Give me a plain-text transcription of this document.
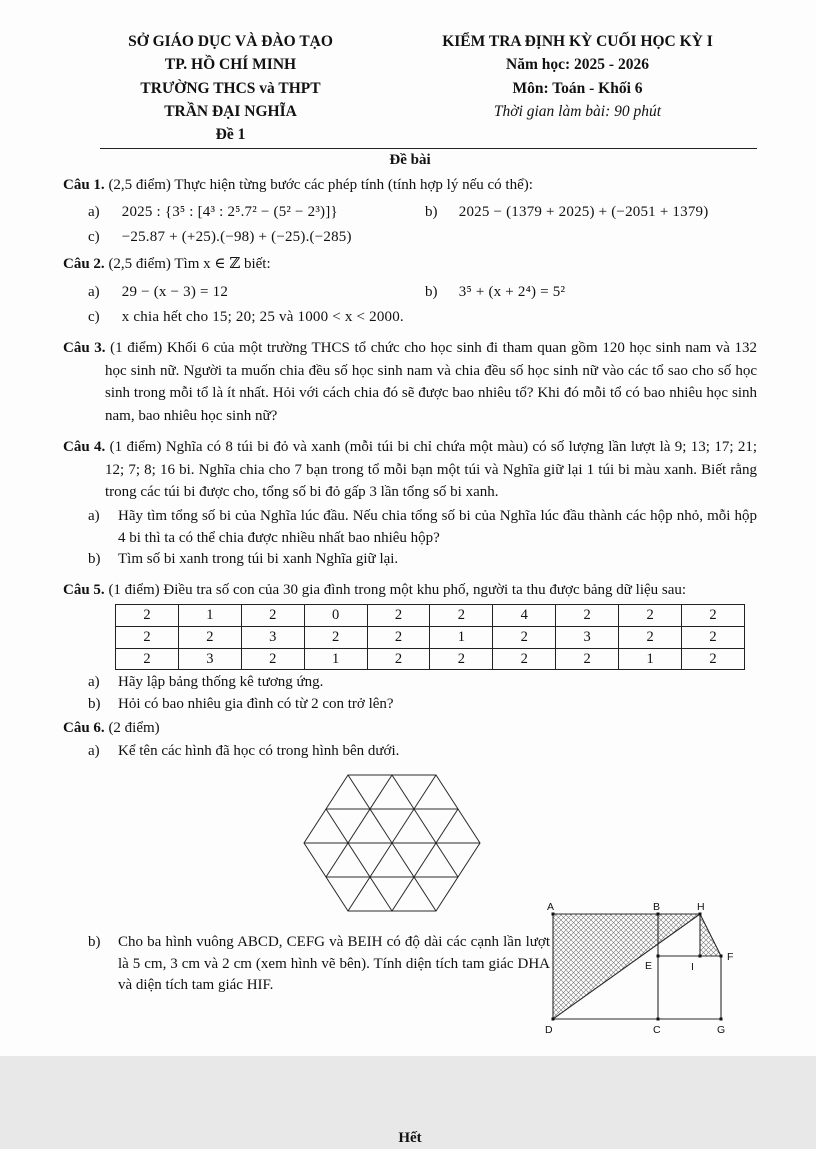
SỞ GIÁO DỤC VÀ ĐÀO TẠO
TP. HỒ CHÍ MINH
TRƯỜNG THCS và THPT
TRẦN ĐẠI NGHĨA
Đề 1
KIỂM TRA ĐỊNH KỲ CUỐI HỌC KỲ I
Năm học: 2025 - 2026
Môn: Toán - Khối 6
Thời gian làm bài: 90 phút
Đề bài

Câu 1. (2,5 điểm) Thực hiện từng bước các phép tính (tính hợp lý nếu có thể):

a) 2025 : {3⁵ : [4³ : 2⁵.7² − (5² − 2³)]}	b) 2025 − (1379 + 2025) + (−2051 + 1379)
c) −25.87 + (+25).(−98) + (−25).(−285)

Câu 2. (2,5 điểm) Tìm x ∈ ℤ biết:

a) 29 − (x − 3) = 12	b) 3⁵ + (x + 2⁴) = 5²
c) x chia hết cho 15; 20; 25 và 1000 < x < 2000.

Câu 3. (1 điểm) Khối 6 của một trường THCS tổ chức cho học sinh đi tham quan gồm 120 học sinh nam và 132 học sinh nữ. Người ta muốn chia đều số học sinh nam và chia đều số học sinh nữ vào các tổ sao cho số học sinh trong mỗi tổ là ít nhất. Hỏi với cách chia đó sẽ được bao nhiêu tổ? Khi đó mỗi tổ có bao nhiêu học sinh nam, bao nhiêu học sinh nữ?

Câu 4. (1 điểm) Nghĩa có 8 túi bi đỏ và xanh (mỗi túi bi chỉ chứa một màu) có số lượng lần lượt là 9; 13; 17; 21; 12; 7; 8; 16 bi. Nghĩa chia cho 7 bạn trong tổ mỗi bạn một túi và Nghĩa giữ lại 1 túi bi màu xanh. Biết rằng trong các túi bi được cho, tổng số bi đỏ gấp 3 lần tổng số bi xanh.

a)	Hãy tìm tổng số bi của Nghĩa lúc đầu. Nếu chia tổng số bi của Nghĩa lúc đầu thành các hộp nhỏ, mỗi hộp 4 bi thì ta có thể chia được nhiều nhất bao nhiêu hộp?
b)	Tìm số bi xanh trong túi bi xanh Nghĩa giữ lại.

Câu 5. (1 điểm) Điều tra số con của 30 gia đình trong một khu phố, người ta thu được bảng dữ liệu sau:

2	1	2	0	2	2	4	2	2	2
2	2	3	2	2	1	2	3	2	2
2	3	2	1	2	2	2	2	1	2
a)	Hãy lập bảng thống kê tương ứng.
b)	Hỏi có bao nhiêu gia đình có từ 2 con trở lên?

Câu 6. (2 điểm)

a)	Kể tên các hình đã học có trong hình bên dưới.
b)	Cho ba hình vuông ABCD, CEFG và BEIH có độ dài các cạnh lần lượt là 5 cm, 3 cm và 2 cm (xem hình vẽ bên). Tính diện tích tam giác DHA và diện tích tam giác HIF.
A	B	H
F
E	I
D	C	G
Hết
